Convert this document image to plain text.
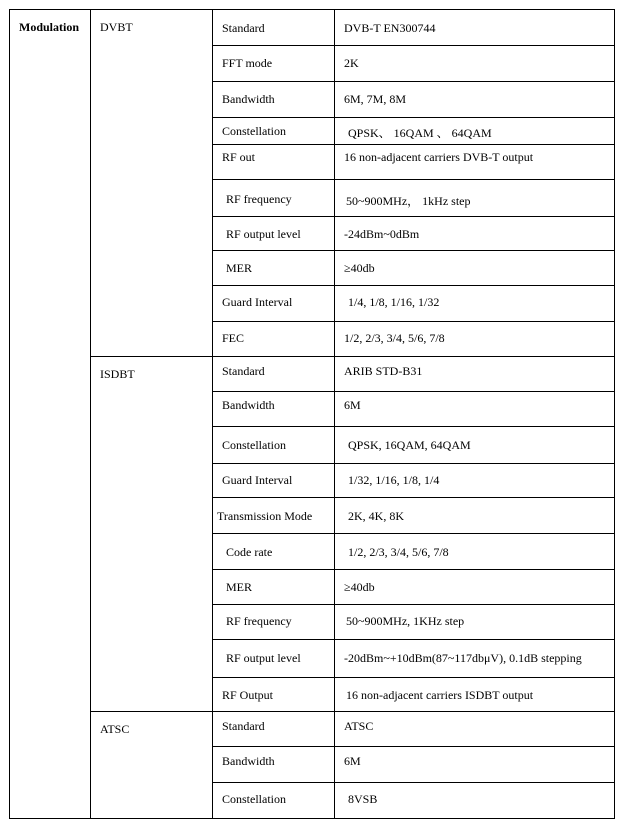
Modulation	DVBT	Standard	DVB-T EN300744

		FFT mode	2K

		Bandwidth	6M, 7M, 8M

		Constellation	QPSK、 16QAM 、 64QAM

		RF out	16 non-adjacent carriers DVB-T output

		RF frequency	50~900MHz， 1kHz step

		RF output level	-24dBm~0dBm

		MER	≥40db

		Guard Interval	1/4, 1/8, 1/16, 1/32

		FEC	1/2, 2/3, 3/4, 5/6, 7/8

	ISDBT	Standard	ARIB STD-B31

		Bandwidth	6M

		Constellation	QPSK, 16QAM, 64QAM

		Guard Interval	1/32, 1/16, 1/8, 1/4

		Transmission Mode	2K, 4K, 8K

		Code rate	1/2, 2/3, 3/4, 5/6, 7/8

		MER	≥40db

		RF frequency	50~900MHz, 1KHz step

		RF output level	-20dBm~+10dBm(87~117dbμV), 0.1dB stepping

		RF Output	16 non-adjacent carriers ISDBT output

	ATSC	Standard	ATSC

		Bandwidth	6M

		Constellation	8VSB
